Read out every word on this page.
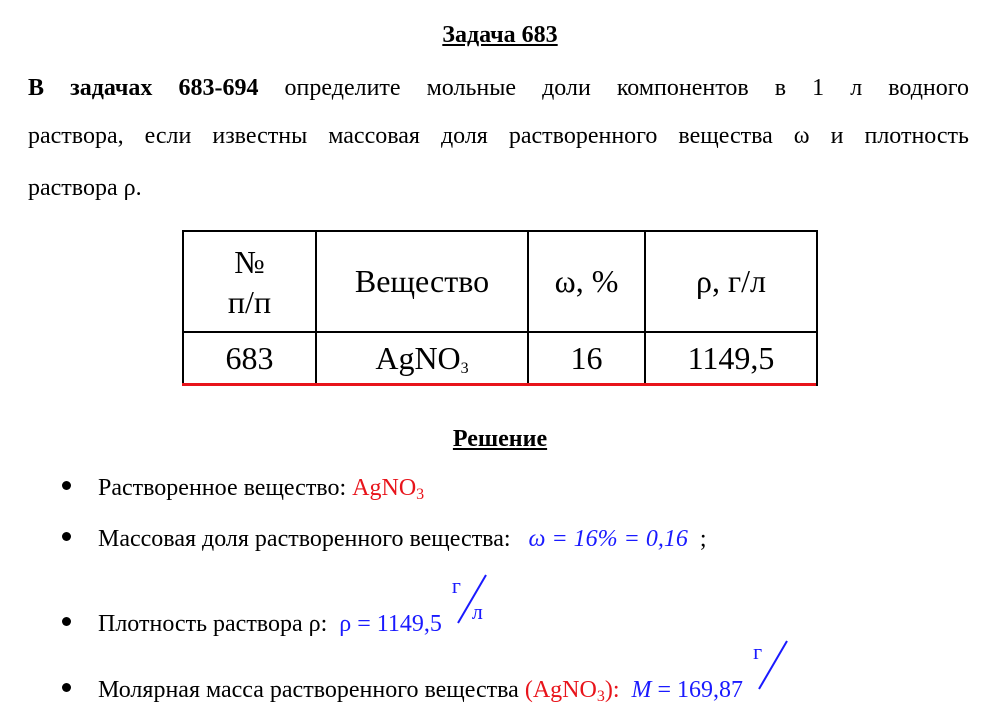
Задача 683
В задачах 683-694 определите мольные доли компонентов в 1 л водного
раствора, если известны массовая доля растворенного вещества ω и плотность
раствора ρ.
№
п/п	Вещество	ω, %	ρ, г/л
683	AgNO$_3$	16	1149,5
Решение
Растворенное вещество:
AgNO$_3$
Массовая доля растворенного вещества:
ω = 16% = 0,16
;
Плотность раствора ρ:
ρ = 1149,5
г
л
Молярная масса растворенного вещества
(AgNO$_3$):
M
= 169,87
г
